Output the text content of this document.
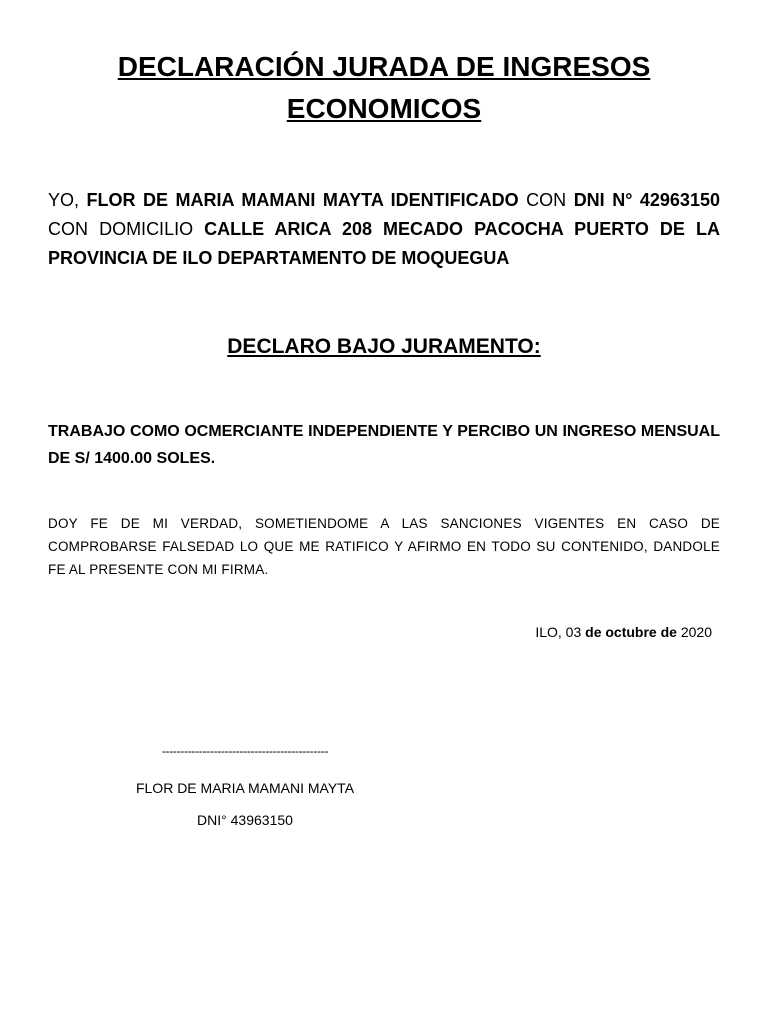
DECLARACIÓN JURADA DE INGRESOS ECONOMICOS

YO, FLOR DE MARIA MAMANI MAYTA IDENTIFICADO CON DNI N° 42963150 CON DOMICILIO CALLE ARICA 208 MECADO PACOCHA PUERTO DE LA PROVINCIA DE ILO DEPARTAMENTO DE MOQUEGUA

DECLARO BAJO JURAMENTO:

TRABAJO COMO OCMERCIANTE INDEPENDIENTE Y PERCIBO UN INGRESO MENSUAL DE S/ 1400.00 SOLES.

DOY FE DE MI VERDAD, SOMETIENDOME A LAS SANCIONES VIGENTES EN CASO DE COMPROBARSE FALSEDAD LO QUE ME RATIFICO Y AFIRMO EN TODO SU CONTENIDO, DANDOLE FE AL PRESENTE CON MI FIRMA.

ILO, 03 de octubre de 2020

---------------------------------------------

FLOR DE MARIA MAMANI MAYTA

DNI° 43963150
